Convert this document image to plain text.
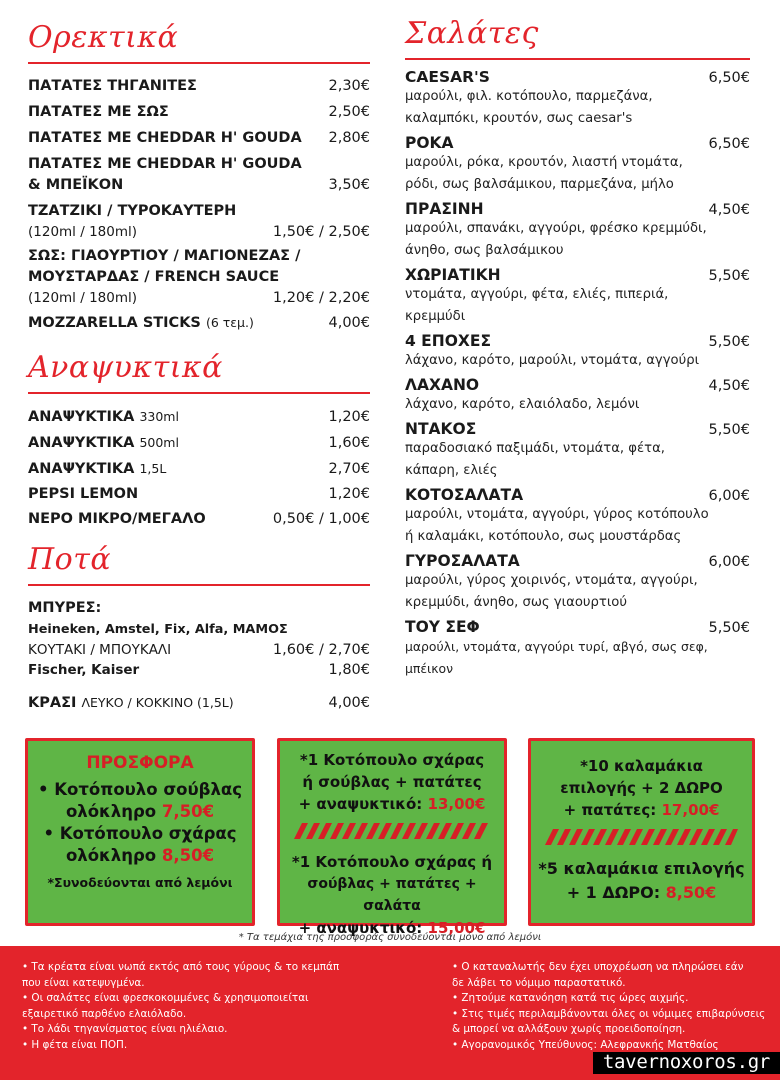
Ορεκτικά
ΠΑΤΑΤΕΣ ΤΗΓΑΝΙΤΕΣ	2,30€
ΠΑΤΑΤΕΣ ΜΕ ΣΩΣ	2,50€
ΠΑΤΑΤΕΣ ΜΕ CHEDDAR Η' GOUDA 2,80€
ΠΑΤΑΤΕΣ ΜΕ CHEDDAR Η' GOUDA
& ΜΠΕΪΚΟΝ	3,50€
ΤΖΑΤΖΙΚΙ / ΤΥΡΟΚΑΥΤΕΡΗ
(120ml / 180ml)	1,50€ / 2,50€
ΣΩΣ: ΓΙΑΟΥΡΤΙΟΥ / ΜΑΓΙΟΝΕΖΑΣ /
ΜΟΥΣΤΑΡΔΑΣ / FRENCH SAUCE
(120ml / 180ml)	1,20€ / 2,20€
MOZZARELLA STICKS (6 τεμ.)	4,00€
Αναψυκτικά
ΑΝΑΨΥΚΤΙΚΑ 330ml	1,20€
ΑΝΑΨΥΚΤΙΚΑ 500ml	1,60€
ΑΝΑΨΥΚΤΙΚΑ 1,5L	2,70€
PEPSI LEMON	1,20€
ΝΕΡΟ ΜΙΚΡΟ/ΜΕΓΑΛΟ	0,50€ / 1,00€
Ποτά
ΜΠΥΡΕΣ:
Heineken, Amstel, Fix, Alfa, ΜΑΜΟΣ
ΚΟΥΤΑΚΙ / ΜΠΟΥΚΑΛΙ	1,60€ / 2,70€
Fischer, Kaiser	1,80€
ΚΡΑΣΙ ΛΕΥΚΟ / ΚΟΚΚΙΝΟ (1,5L)	4,00€
Σαλάτες
CAESAR'S	6,50€
μαρούλι, φιλ. κοτόπουλο, παρμεζάνα,
καλαμπόκι, κρουτόν, σως caesar's
ΡΟΚΑ	6,50€
μαρούλι, ρόκα, κρουτόν, λιαστή ντομάτα,
ρόδι, σως βαλσάμικου, παρμεζάνα, μήλο
ΠΡΑΣΙΝΗ	4,50€
μαρούλι, σπανάκι, αγγούρι, φρέσκο κρεμμύδι,
άνηθο, σως βαλσάμικου
ΧΩΡΙΑΤΙΚΗ	5,50€
ντομάτα, αγγούρι, φέτα, ελιές, πιπεριά,
κρεμμύδι
4 ΕΠΟΧΕΣ	5,50€
λάχανο, καρότο, μαρούλι, ντομάτα, αγγούρι
ΛΑΧΑΝΟ	4,50€
λάχανο, καρότο, ελαιόλαδο, λεμόνι
ΝΤΑΚΟΣ	5,50€
παραδοσιακό παξιμάδι, ντομάτα, φέτα,
κάπαρη, ελιές
ΚΟΤΟΣΑΛΑΤΑ	6,00€
μαρούλι, ντομάτα, αγγούρι, γύρος κοτόπουλο
ή καλαμάκι, κοτόπουλο, σως μουστάρδας
ΓΥΡΟΣΑΛΑΤΑ	6,00€
μαρούλι, γύρος χοιρινός, ντομάτα, αγγούρι,
κρεμμύδι, άνηθο, σως γιαουρτιού
ΤΟΥ ΣΕΦ	5,50€
μαρούλι, ντομάτα, αγγούρι τυρί, αβγό, σως σεφ, μπέικον
ΠΡΟΣΦΟΡΑ
• Κοτόπουλο σούβλας
ολόκληρο 7,50€
• Κοτόπουλο σχάρας
ολόκληρο 8,50€
*Συνοδεύονται από λεμόνι
*1 Κοτόπουλο σχάρας
ή σούβλας + πατάτες
+ αναψυκτικό: 13,00€
*1 Κοτόπουλο σχάρας ή
σούβλας + πατάτες + σαλάτα
+ αναψυκτικό: 15,00€
*10 καλαμάκια
επιλογής + 2 ΔΩΡΟ
+ πατάτες: 17,00€
*5 καλαμάκια επιλογής
+ 1 ΔΩΡΟ: 8,50€
* Τα τεμάχια της προσφοράς συνοδεύονται μόνο από λεμόνι
• Τα κρέατα είναι νωπά εκτός από τους γύρους & το κεμπάπ
που είναι κατεψυγμένα.
• Οι σαλάτες είναι φρεσκοκομμένες & χρησιμοποιείται
εξαιρετικό παρθένο ελαιόλαδο.
• Το λάδι τηγανίσματος είναι ηλιέλαιο.
• Η φέτα είναι ΠΟΠ.
• Ο καταναλωτής δεν έχει υποχρέωση να πληρώσει εάν
δε λάβει το νόμιμο παραστατικό.
• Ζητούμε κατανόηση κατά τις ώρες αιχμής.
• Στις τιμές περιλαμβάνονται όλες οι νόμιμες επιβαρύνσεις
& μπορεί να αλλάξουν χωρίς προειδοποίηση.
• Αγορανομικός Υπεύθυνος: Αλεφρανκής Ματθαίος
tavernoxoros.gr
